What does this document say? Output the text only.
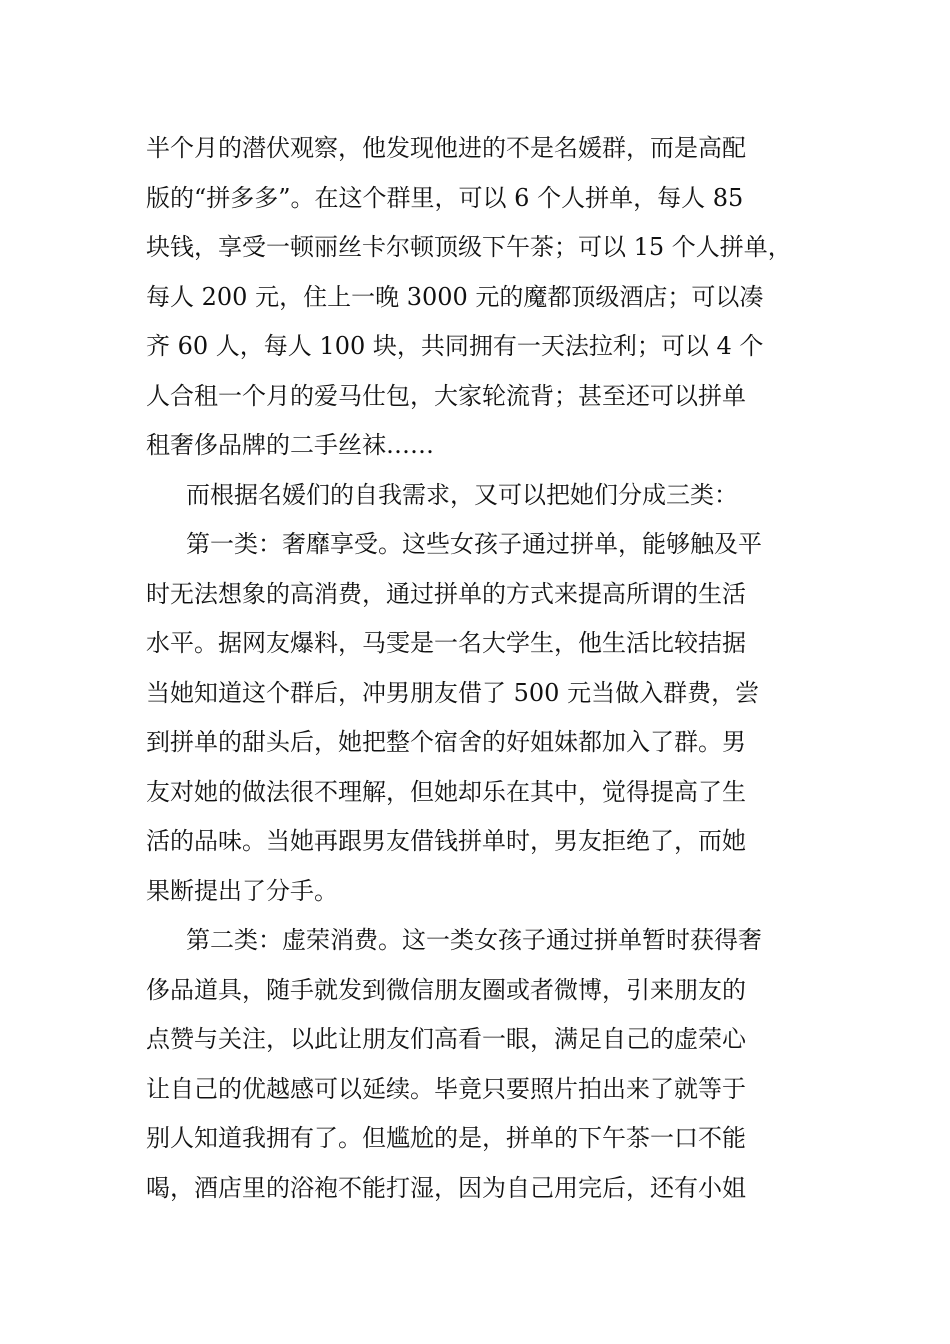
半个月的潜伏观察，他发现他进的不是名媛群，而是高配
版的“拼多多”。在这个群里，可以 6 个人拼单，每人 85
块钱，享受一顿丽丝卡尔顿顶级下午茶；可以 15 个人拼单，
每人 200 元，住上一晚 3000 元的魔都顶级酒店；可以凑
齐 60 人，每人 100 块，共同拥有一天法拉利；可以 4 个
人合租一个月的爱马仕包，大家轮流背；甚至还可以拼单
租奢侈品牌的二手丝袜……
而根据名媛们的自我需求，又可以把她们分成三类：
第一类：奢靡享受。这些女孩子通过拼单，能够触及平
时无法想象的高消费，通过拼单的方式来提高所谓的生活
水平。据网友爆料，马雯是一名大学生，他生活比较拮据
当她知道这个群后，冲男朋友借了 500 元当做入群费，尝
到拼单的甜头后，她把整个宿舍的好姐妹都加入了群。男
友对她的做法很不理解，但她却乐在其中，觉得提高了生
活的品味。当她再跟男友借钱拼单时，男友拒绝了，而她
果断提出了分手。
第二类：虚荣消费。这一类女孩子通过拼单暂时获得奢
侈品道具，随手就发到微信朋友圈或者微博，引来朋友的
点赞与关注，以此让朋友们高看一眼，满足自己的虚荣心
让自己的优越感可以延续。毕竟只要照片拍出来了就等于
别人知道我拥有了。但尴尬的是，拼单的下午茶一口不能
喝，酒店里的浴袍不能打湿，因为自己用完后，还有小姐
